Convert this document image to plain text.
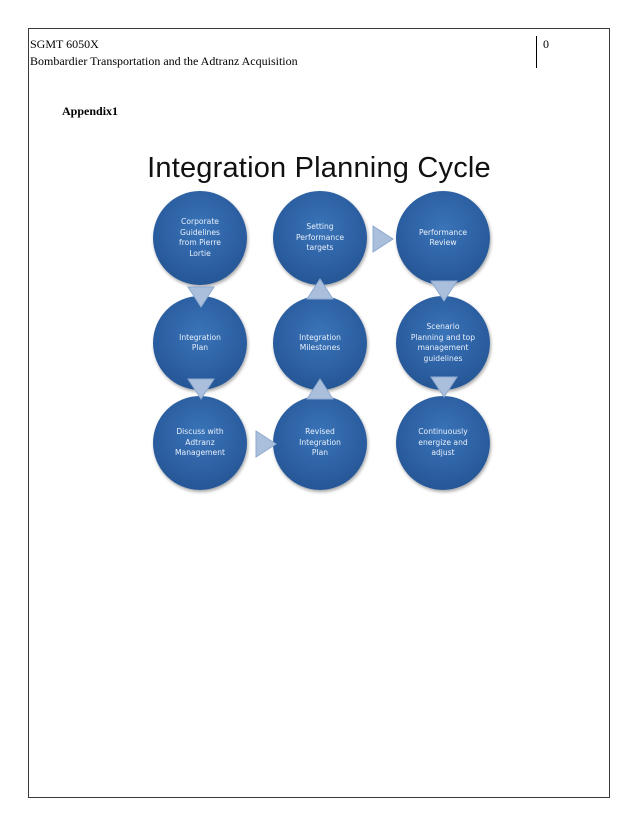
SGMT 6050X
Bombardier Transportation and the Adtranz Acquisition
0
Appendix1
Integration Planning Cycle
Corporate
Guidelines
from Pierre
Lortie
Integration
Plan
Discuss with
Adtranz
Management
Revised
Integration
Plan
Integration
Milestones
Setting
Performance
targets
Performance
Review
Scenario
Planning and top
management
guidelines
Continuously
energize and
adjust
